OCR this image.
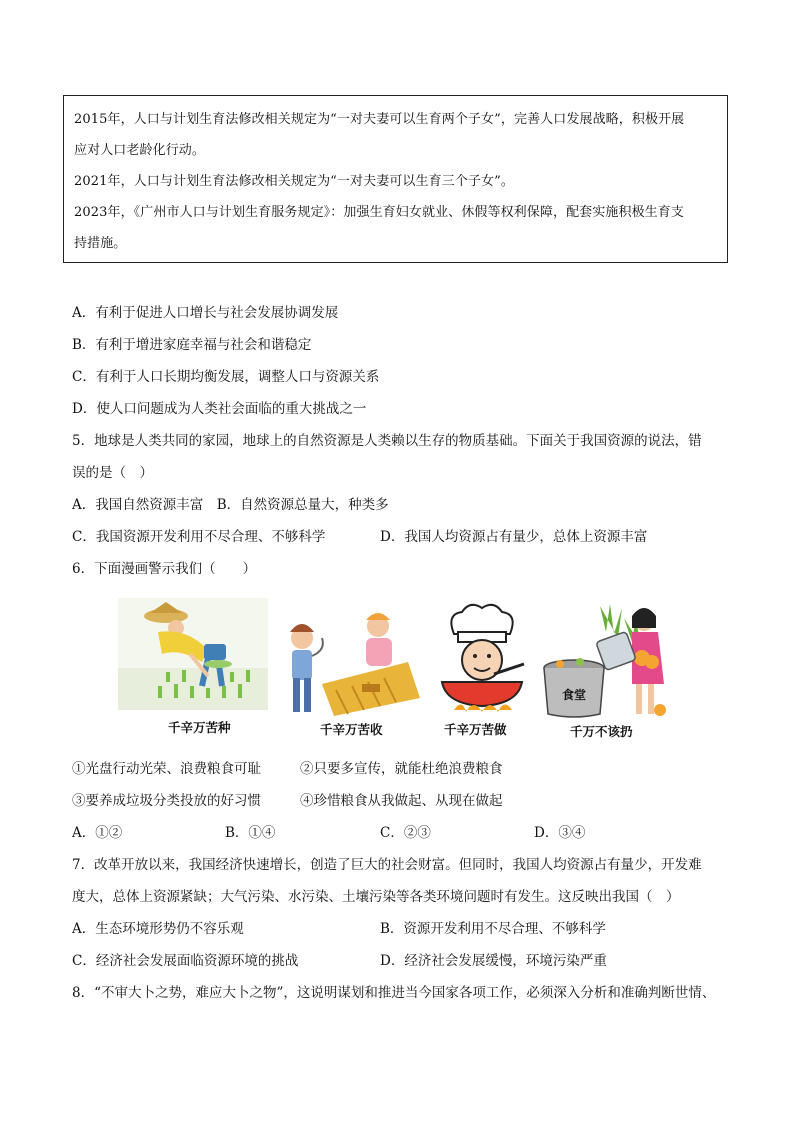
2015年，人口与计划生育法修改相关规定为“一对夫妻可以生育两个子女”，完善人口发展战略，积极开展

应对人口老龄化行动。

2021年，人口与计划生育法修改相关规定为“一对夫妻可以生育三个子女”。

2023年，《广州市人口与计划生育服务规定》：加强生育妇女就业、休假等权利保障，配套实施积极生育支

持措施。

A．有利于促进人口增长与社会发展协调发展
B．有利于增进家庭幸福与社会和谐稳定
C．有利于人口长期均衡发展，调整人口与资源关系
D．使人口问题成为人类社会面临的重大挑战之一
5．地球是人类共同的家园，地球上的自然资源是人类赖以生存的物质基础。下面关于我国资源的说法，错
误的是（　）
A．我国自然资源丰富　B．自然资源总量大，种类多
C．我国资源开发利用不尽合理、不够科学	D．我国人均资源占有量少，总体上资源丰富
6．下面漫画警示我们（　　）
千辛万苦种	千辛万苦收	千辛万苦做
食堂
千万不该扔
①光盘行动光荣、浪费粮食可耻	②只要多宣传，就能杜绝浪费粮食
③要养成垃圾分类投放的好习惯	④珍惜粮食从我做起、从现在做起
A．①②	B．①④	C．②③	D．③④
7．改革开放以来，我国经济快速增长，创造了巨大的社会财富。但同时，我国人均资源占有量少，开发难
度大，总体上资源紧缺；大气污染、水污染、土壤污染等各类环境问题时有发生。这反映出我国（　）
A．生态环境形势仍不容乐观	B．资源开发利用不尽合理、不够科学
C．经济社会发展面临资源环境的挑战	D．经济社会发展缓慢，环境污染严重
8．“不审大卜之势，难应大卜之物”，这说明谋划和推进当今国家各项工作，必须深入分析和准确判断世情、
